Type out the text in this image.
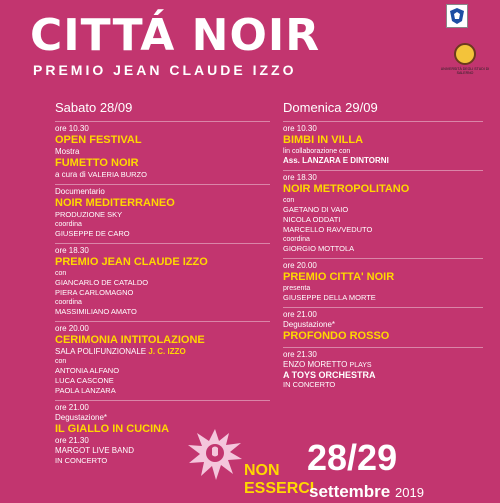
CITTÁ NOIR
PREMIO JEAN CLAUDE IZZO	UNIVERSITÀ DEGLI STUDI DI SALERNO
Sabato 28/09
ore 10.30
OPEN FESTIVAL
Mostra
FUMETTO NOIR
a cura di VALERIA BURZO
Documentario
NOIR MEDITERRANEO
PRODUZIONE SKY
coordina
GIUSEPPE DE CARO
ore 18.30
PREMIO JEAN CLAUDE IZZO
con
GIANCARLO DE CATALDO
PIERA CARLOMAGNO
coordina
MASSIMILIANO AMATO
ore 20.00
CERIMONIA INTITOLAZIONE
SALA POLIFUNZIONALE J. C. IZZO
con
ANTONIA ALFANO
LUCA CASCONE
PAOLA LANZARA
ore 21.00
Degustazione*
IL GIALLO IN CUCINA
ore 21.30
MARGOT LIVE BAND
IN CONCERTO
Domenica 29/09
ore 10.30
BIMBI IN VILLA
lin collaborazione con
Ass. LANZARA E DINTORNI
ore 18.30
NOIR METROPOLITANO
con
GAETANO DI VAIO
NICOLA ODDATI
MARCELLO RAVVEDUTO
coordina
GIORGIO MOTTOLA
ore 20.00
PREMIO CITTA' NOIR
presenta
GIUSEPPE DELLA MORTE
ore 21.00
Degustazione*
PROFONDO ROSSO
ore 21.30
ENZO MORETTO PLAYS
A TOYS ORCHESTRA
IN CONCERTO
NON
ESSERCI
28/29
settembre 2019
